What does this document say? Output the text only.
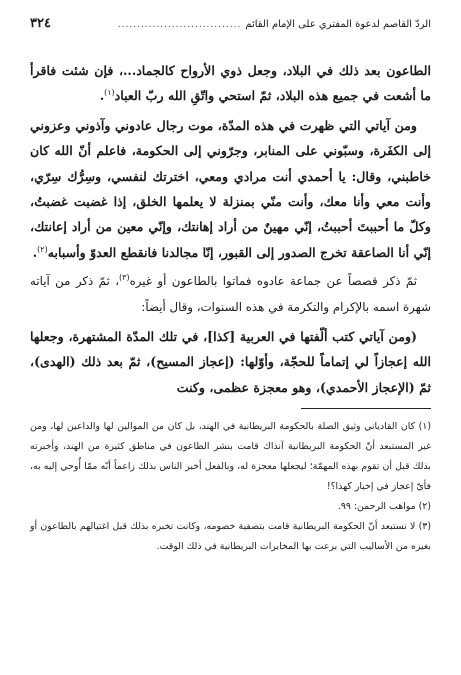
الردّ القاصم لدعوة المفتري على الإمام القائم
................................
٣٢٤

الطاعون بعد ذلك في البلاد، وجعل ذوي الأرواح كالجماد...، فإن شئت فاقرأ ما أشعت في جميع هذه البلاد، ثمّ استحي واتّقِ الله ربّ العباد$^{(١)}$.

ومن آياتي التي ظهرت في هذه المدّة، موت رجال عادوني وآذوني وعزوني إلى الكفَرة، وسبّوني على المنابر، وجرّوني إلى الحكومة، فاعلم أنّ الله كان خاطبني، وقال: يا أحمدي أنت مرادي ومعي، اخترتك لنفسي، وسِرُّك سِرّي، وأنت معي وأنا معك، وأنت منّي بمنزلة لا يعلمها الخلق، إذا غضبت غضبتُ، وكلّ ما أحببتَ أحببتُ، إنّي مهينٌ من أراد إهانتك، وإنّي معين من أراد إعانتك، إنّي أنا الصاعقة تخرج الصدور إلى القبور، إنّا مجالدنا فانقطع العدوّ وأسبابه$^{(٢)}$.

ثمّ ذكر قصصاً عن جماعة عادوه فماتوا بالطاعون أو غيره$^{(٣)}$، ثمّ ذكر من آياته شهرة اسمه بالإكرام والتكرمة في هذه السنوات، وقال أيضاً:

(ومن آياتي كتب ألّفتها في العربية [كذا]، في تلك المدّة المشتهرة، وجعلها الله إعجازاً لي إتماماً للحجّة، وأوّلها: (إعجاز المسيح)، ثمّ بعد ذلك (الهدى)، ثمّ (الإعجاز الأحمدي)، وهو معجزة عظمى، وكنت

(١) كان القادياني وثيق الصلة بالحكومة البريطانية في الهند، بل كان من الموالين لها والداعين لها، ومن غير المستبعد أنّ الحكومة البريطانية آنذاك قامت بنشر الطاعون في مناطق كثيرة من الهند، وأخبرته بذلك قبل أن تقوم بهذه المهمّة؛ ليجعلها معجزة له، وبالفعل أخبر الناس بذلك زاعماً أنّه ممّا أُوحي إليه به، فأيّ إعجاز في إخبار كهذا؟!

(٢) مواهب الرحمن: ٩٩.

(٣) لا نستبعد أنّ الحكومة البريطانية قامت بتصفية خصومه، وكانت تخبره بذلك قبل اغتيالهم بالطاعون أو بغيره من الأساليب التي برعت بها المخابرات البريطانية في ذلك الوقت.
